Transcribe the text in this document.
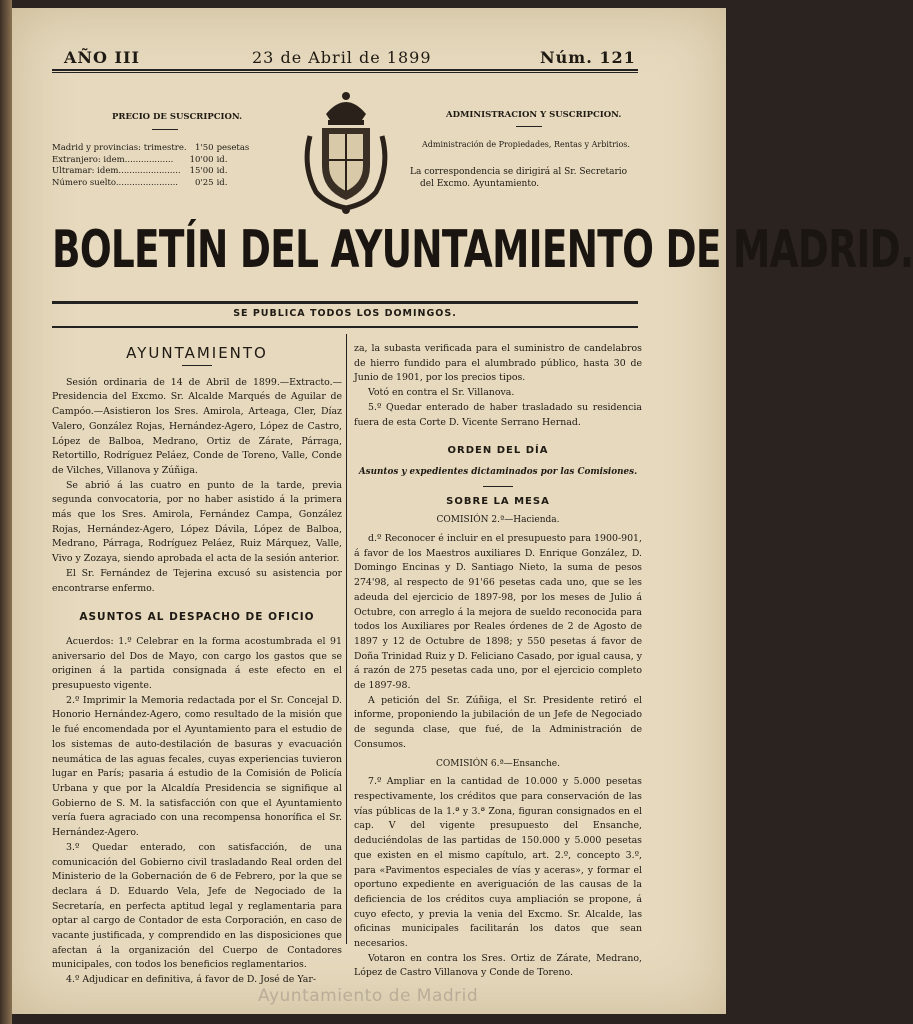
AÑO III	23 de Abril de 1899	Núm. 121
PRECIO DE SUSCRIPCION.
Madrid y provincias: trimestre.	1'50	pesetas
Extranjero: idem..................	10'00	id.
Ultramar: idem.......................	15'00	id.
Número suelto.......................	0'25	id.
ADMINISTRACION Y SUSCRIPCION.
Administración de Propiedades, Rentas y Arbitrios.
La correspondencia se dirigirá al Sr. Secretario
del Excmo. Ayuntamiento.
BOLETÍN DEL AYUNTAMIENTO DE MADRID.
SE PUBLICA TODOS LOS DOMINGOS.
AYUNTAMIENTO

Sesión ordinaria de 14 de Abril de 1899.—Extracto.—Presidencia del Excmo. Sr. Alcalde Marqués de Aguilar de Campóo.—Asistieron los Sres. Amirola, Arteaga, Cler, Díaz Valero, González Rojas, Hernández-Agero, López de Castro, López de Balboa, Medrano, Ortiz de Zárate, Párraga, Retortillo, Rodríguez Peláez, Conde de Toreno, Valle, Conde de Vilches, Villanova y Zúñiga.

Se abrió á las cuatro en punto de la tarde, previa segunda convocatoria, por no haber asistido á la primera más que los Sres. Amirola, Fernández Campa, González Rojas, Hernández-Agero, López Dávila, López de Balboa, Medrano, Párraga, Rodríguez Peláez, Ruiz Márquez, Valle, Vivo y Zozaya, siendo aprobada el acta de la sesión anterior.

El Sr. Fernández de Tejerina excusó su asistencia por encontrarse enfermo.

ASUNTOS AL DESPACHO DE OFICIO

Acuerdos: 1.º Celebrar en la forma acostumbrada el 91 aniversario del Dos de Mayo, con cargo los gastos que se originen á la partida consignada á este efecto en el presupuesto vigente.

2.º Imprimir la Memoria redactada por el Sr. Concejal D. Honorio Hernández-Agero, como resultado de la misión que le fué encomendada por el Ayuntamiento para el estudio de los sistemas de auto-destilación de basuras y evacuación neumática de las aguas fecales, cuyas experiencias tuvieron lugar en París; pasaria á estudio de la Comisión de Policía Urbana y que por la Alcaldía Presidencia se signifique al Gobierno de S. M. la satisfacción con que el Ayuntamiento vería fuera agraciado con una recompensa honorífica el Sr. Hernández-Agero.

3.º Quedar enterado, con satisfacción, de una comunicación del Gobierno civil trasladando Real orden del Ministerio de la Gobernación de 6 de Febrero, por la que se declara á D. Eduardo Vela, Jefe de Negociado de la Secretaría, en perfecta aptitud legal y reglamentaria para optar al cargo de Contador de esta Corporación, en caso de vacante justificada, y comprendido en las disposiciones que afectan á la organización del Cuerpo de Contadores municipales, con todos los beneficios reglamentarios.

4.º Adjudicar en definitiva, á favor de D. José de Yar-

za, la subasta verificada para el suministro de candelabros de hierro fundido para el alumbrado público, hasta 30 de Junio de 1901, por los precios tipos.

Votó en contra el Sr. Villanova.

5.º Quedar enterado de haber trasladado su residencia fuera de esta Corte D. Vicente Serrano Hernad.

ORDEN DEL DÍA
Asuntos y expedientes dictaminados por las Comisiones.
SOBRE LA MESA
COMISIÓN 2.ª—Hacienda.

d.º Reconocer é incluir en el presupuesto para 1900-901, á favor de los Maestros auxiliares D. Enrique González, D. Domingo Encinas y D. Santiago Nieto, la suma de pesos 274'98, al respecto de 91'66 pesetas cada uno, que se les adeuda del ejercicio de 1897-98, por los meses de Julio á Octubre, con arreglo á la mejora de sueldo reconocida para todos los Auxiliares por Reales órdenes de 2 de Agosto de 1897 y 12 de Octubre de 1898; y 550 pesetas á favor de Doña Trinidad Ruiz y D. Feliciano Casado, por igual causa, y á razón de 275 pesetas cada uno, por el ejercicio completo de 1897-98.

A petición del Sr. Zúñiga, el Sr. Presidente retiró el informe, proponiendo la jubilación de un Jefe de Negociado de segunda clase, que fué, de la Administración de Consumos.

COMISIÓN 6.ª—Ensanche.

7.º Ampliar en la cantidad de 10.000 y 5.000 pesetas respectivamente, los créditos que para conservación de las vías públicas de la 1.ª y 3.ª Zona, figuran consignados en el cap. V del vigente presupuesto del Ensanche, deduciéndolas de las partidas de 150.000 y 5.000 pesetas que existen en el mismo capítulo, art. 2.º, concepto 3.º, para «Pavimentos especiales de vías y aceras», y formar el oportuno expediente en averiguación de las causas de la deficiencia de los créditos cuya ampliación se propone, á cuyo efecto, y previa la venia del Excmo. Sr. Alcalde, las oficinas municipales facilitarán los datos que sean necesarios.

Votaron en contra los Sres. Ortiz de Zárate, Medrano, López de Castro Villanova y Conde de Toreno.

Ayuntamiento de Madrid
